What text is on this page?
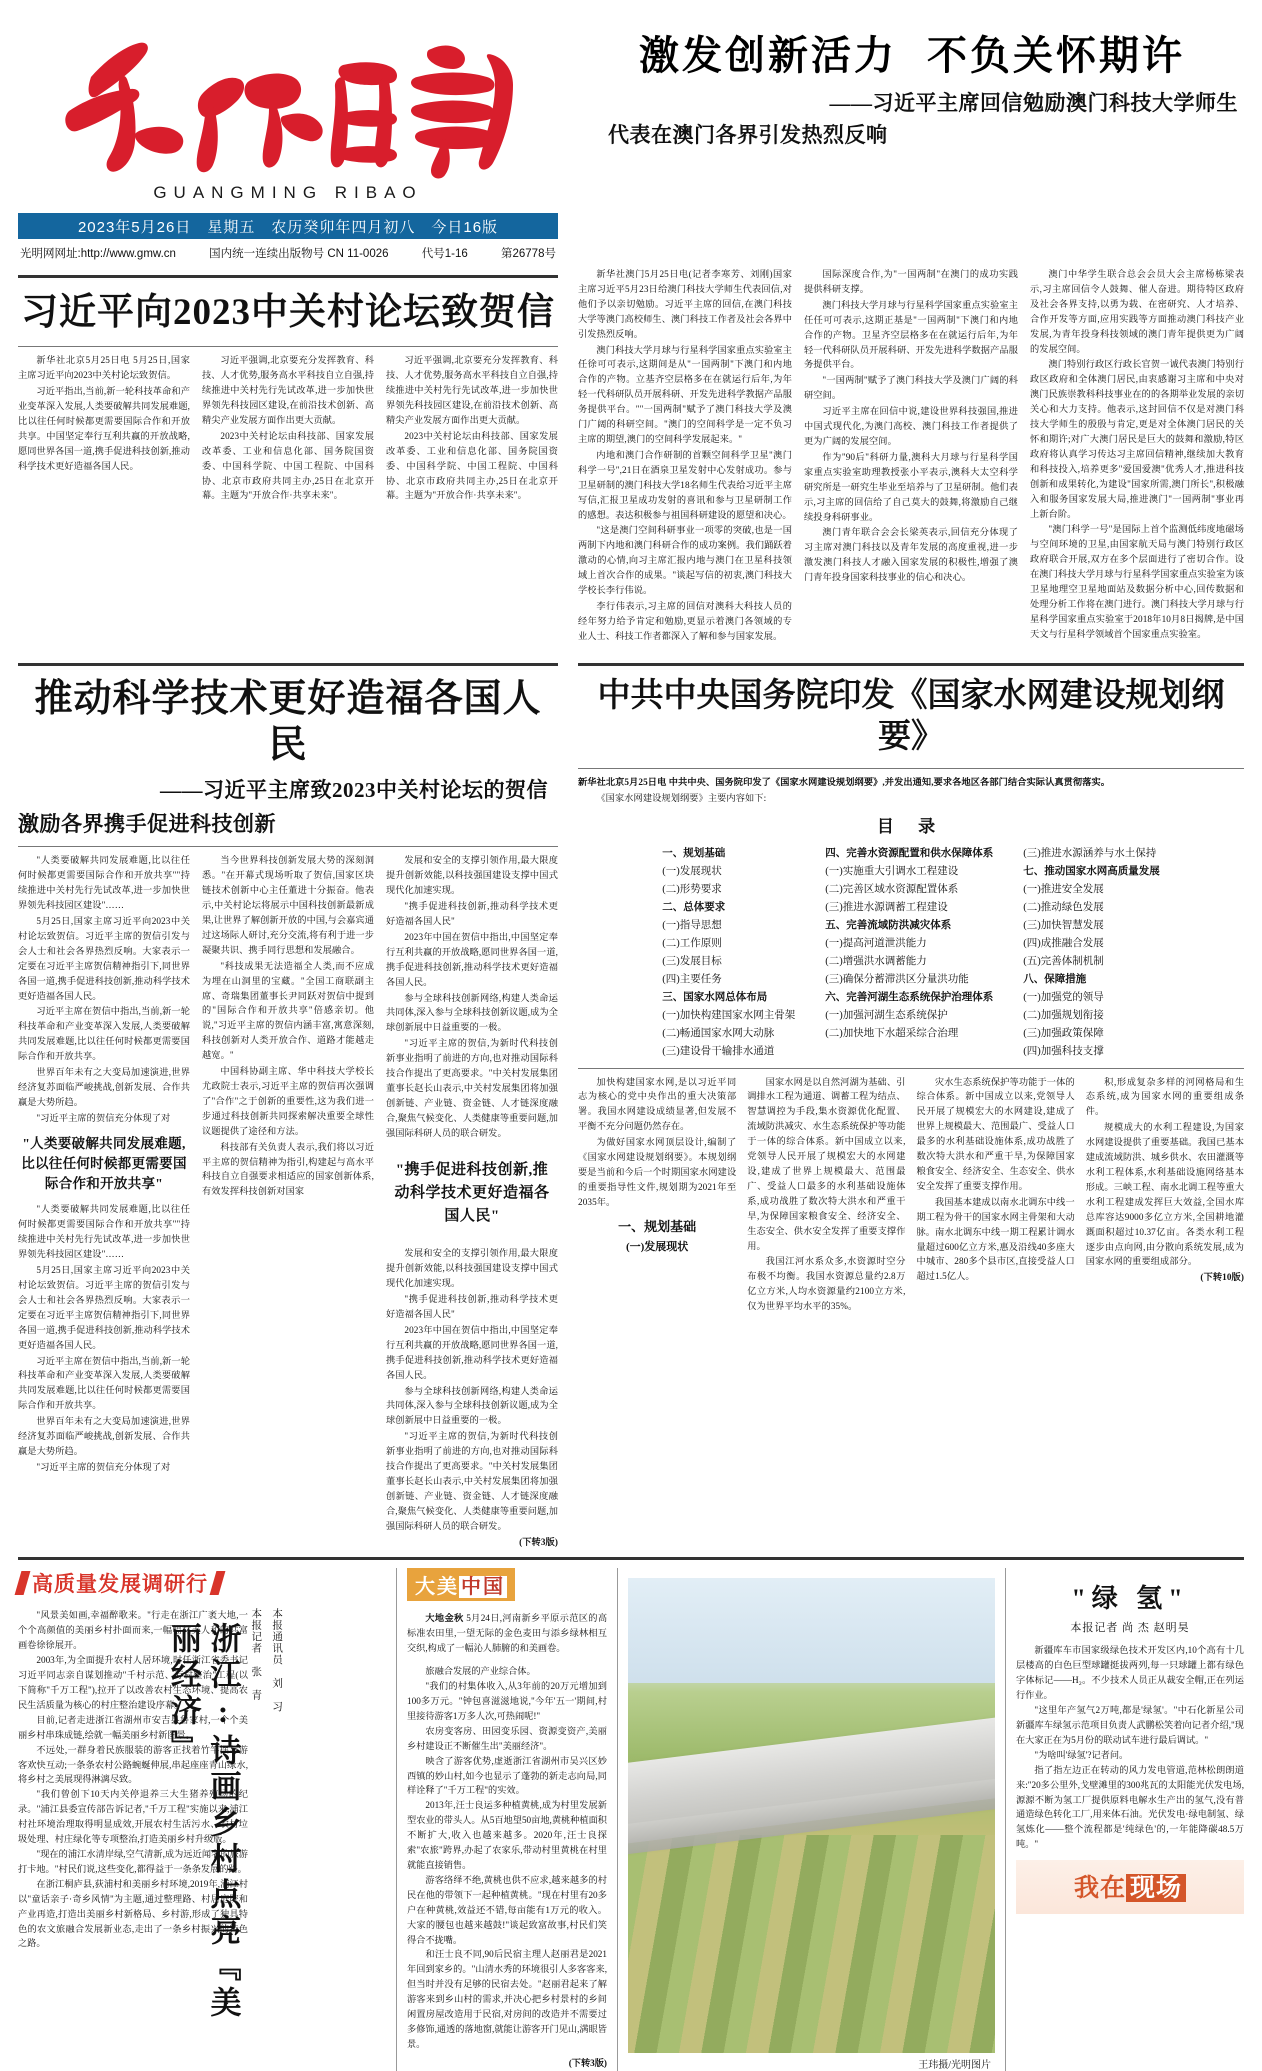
GUANGMING RIBAO
2023年5月26日 星期五 农历癸卯年四月初八 今日16版
光明网网址:http://www.gmw.cn	国内统一连续出版物号 CN 11-0026	代号1-16	第26778号
激发创新活力 不负关怀期许
——习近平主席回信勉励澳门科技大学师生
代表在澳门各界引发热烈反响
习近平向2023中关村论坛致贺信

新华社北京5月25日电 5月25日,国家主席习近平向2023中关村论坛致贺信。

习近平指出,当前,新一轮科技革命和产业变革深入发展,人类要破解共同发展难题,比以往任何时候都更需要国际合作和开放共享。中国坚定奉行互利共赢的开放战略,愿同世界各国一道,携手促进科技创新,推动科学技术更好造福各国人民。

习近平强调,北京要充分发挥教育、科技、人才优势,服务高水平科技自立自强,持续推进中关村先行先试改革,进一步加快世界领先科技园区建设,在前沿技术创新、高精尖产业发展方面作出更大贡献。

2023中关村论坛由科技部、国家发展改革委、工业和信息化部、国务院国资委、中国科学院、中国工程院、中国科协、北京市政府共同主办,25日在北京开幕。主题为"开放合作·共享未来"。

习近平强调,北京要充分发挥教育、科技、人才优势,服务高水平科技自立自强,持续推进中关村先行先试改革,进一步加快世界领先科技园区建设,在前沿技术创新、高精尖产业发展方面作出更大贡献。

2023中关村论坛由科技部、国家发展改革委、工业和信息化部、国务院国资委、中国科学院、中国工程院、中国科协、北京市政府共同主办,25日在北京开幕。主题为"开放合作·共享未来"。

新华社澳门5月25日电(记者李寒芳、刘刚)国家主席习近平5月23日给澳门科技大学师生代表回信,对他们予以亲切勉励。习近平主席的回信,在澳门科技大学等澳门高校师生、澳门科技工作者及社会各界中引发热烈反响。

澳门科技大学月球与行星科学国家重点实验室主任徐可可表示,这期间是从"一国两制"下澳门和内地合作的产物。立基齐空层格多在在就运行后年,为年轻一代科研队员开展科研、开发先进科学教据产品服务提供平台。""一国两制"赋予了澳门科技大学及澳门广阔的科研空间。"澳门的空间科学是一定不负习主席的期望,澳门的空间科学发展起来。"

内地和澳门合作研制的首颗空间科学卫星"澳门科学一号",21日在酒泉卫星发射中心发射成功。参与卫星研制的澳门科技大学18名师生代表给习近平主席写信,汇报卫星成功发射的喜讯和参与卫星研制工作的感想。表达积极参与祖国科研建设的愿望和决心。

"这是澳门空间科研事业一项零的突破,也是一国两制下内地和澳门科研合作的成功案例。我们踊跃着激动的心情,向习主席汇报内地与澳门在卫星科技领域上首次合作的成果。"谈起写信的初衷,澳门科技大学校长李行伟说。

李行伟表示,习主席的回信对澳科大科技人员的经年努力给予肯定和勉励,更显示着澳门各领域的专业人士、科技工作者都深入了解和参与国家发展。

国际深度合作,为"一国两制"在澳门的成功实践提供科研支撑。

澳门科技大学月球与行星科学国家重点实验室主任任可可表示,这期正基是"一国两制"下澳门和内地合作的产物。卫星齐空层格多在在就运行后年,为年轻一代科研队员开展科研、开发先进科学数据产品服务提供平台。

"一国两制"赋予了澳门科技大学及澳门广阔的科研空间。

习近平主席在回信中说,建设世界科技强国,推进中国式现代化,为澳门高校、澳门科技工作者提供了更为广阔的发展空间。

作为"90后"科研力量,澳科大月球与行星科学国家重点实验室助理教授张小平表示,澳科大太空科学研究所是一研究生毕业至培养与了卫星研制。他们表示,习主席的回信给了自己莫大的鼓舞,将激励自己继续投身科研事业。

澳门青年联合会会长梁英表示,回信充分体现了习主席对澳门科技以及青年发展的高度重视,进一步激发澳门科技人才融入国家发展的积极性,增强了澳门青年投身国家科技事业的信心和决心。

澳门中华学生联合总会会员大会主席杨栋梁表示,习主席回信令人鼓舞、催人奋进。期待特区政府及社会各界支持,以勇为载、在密研究、人才培养、合作开发等方面,应用实践等方面推动澳门科技产业发展,为青年投身科技领域的澳门青年提供更为广阔的发展空间。

澳门特别行政区行政长官贺一诚代表澳门特别行政区政府和全体澳门居民,由衷感谢习主席和中央对澳门民族崇教科科技事业在的的各期举业发展的亲切关心和大力支持。他表示,这封回信不仅是对澳门科技大学师生的殷殷与肯定,更是对全体澳门居民的关怀和期许;对广大澳门居民是巨大的鼓舞和激励,特区政府将认真学习传达习主席回信精神,继续加大教育和科技投入,培养更多"爱国爱澳"优秀人才,推进科技创新和成果转化,为建设"国家所需,澳门所长",积极融入和服务国家发展大局,推进澳门"一国两制"事业再上新台阶。

"澳门科学一号"是国际上首个监测低纬度地磁场与空间环境的卫星,由国家航天局与澳门特别行政区政府联合开展,双方在多个层面进行了密切合作。设在澳门科技大学月球与行星科学国家重点实验室为该卫星地理空卫星地面站及数据分析中心,回传数据和处理分析工作将在澳门进行。澳门科技大学月球与行星科学国家重点实验室于2018年10月8日揭牌,是中国天文与行星科学领域首个国家重点实验室。

推动科学技术更好造福各国人民
——习近平主席致2023中关村论坛的贺信
激励各界携手促进科技创新

"人类要破解共同发展难题,比以往任何时候都更需要国际合作和开放共享""持续推进中关村先行先试改革,进一步加快世界领先科技园区建设"……

5月25日,国家主席习近平向2023中关村论坛致贺信。习近平主席的贺信引发与会人士和社会各界热烈反响。大家表示一定要在习近平主席贺信精神指引下,同世界各国一道,携手促进科技创新,推动科学技术更好造福各国人民。

习近平主席在贺信中指出,当前,新一轮科技革命和产业变革深入发展,人类要破解共同发展难题,比以往任何时候都更需要国际合作和开放共享。

世界百年未有之大变局加速演进,世界经济复苏面临严峻挑战,创新发展、合作共赢是大势所趋。

"习近平主席的贺信充分体现了对

"人类要破解共同发展难题,比以往任何时候都更需要国际合作和开放共享"

"人类要破解共同发展难题,比以往任何时候都更需要国际合作和开放共享""持续推进中关村先行先试改革,进一步加快世界领先科技园区建设"……

5月25日,国家主席习近平向2023中关村论坛致贺信。习近平主席的贺信引发与会人士和社会各界热烈反响。大家表示一定要在习近平主席贺信精神指引下,同世界各国一道,携手促进科技创新,推动科学技术更好造福各国人民。

习近平主席在贺信中指出,当前,新一轮科技革命和产业变革深入发展,人类要破解共同发展难题,比以往任何时候都更需要国际合作和开放共享。

世界百年未有之大变局加速演进,世界经济复苏面临严峻挑战,创新发展、合作共赢是大势所趋。

"习近平主席的贺信充分体现了对

当今世界科技创新发展大势的深刻洞悉。"在开幕式现场听取了贺信,国家区块链技术创新中心主任董进十分振奋。他表示,中关村论坛将展示中国科技创新最新成果,让世界了解创新开放的中国,与会嘉宾通过这场际人研讨,充分交流,将有利于进一步凝聚共识、携手同行思想和发展融合。

"科技成果无法造福全人类,而不应成为埋在山洞里的宝藏。"全国工商联副主席、奇瑞集团董事长尹同跃对贺信中提到的"国际合作和开放共享"倍感亲切。他说,"习近平主席的贺信内涵丰富,寓意深刻,科技创新对人类开放合作、道路才能越走越宽。"

中国科协副主席、华中科技大学校长尤政院士表示,习近平主席的贺信再次强调了"合作"之于创新的重要性,这为我们进一步通过科技创新共同探索解决重要全球性议题提供了途径和方法。

科技部有关负责人表示,我们将以习近平主席的贺信精神为指引,构建起与高水平科技自立自强要求相适应的国家创新体系,有效发挥科技创新对国家

发展和安全的支撑引领作用,最大限度提升创新效能,以科技强国建设支撑中国式现代化加速实现。

"携手促进科技创新,推动科学技术更好造福各国人民"

2023年中国在贺信中指出,中国坚定奉行互利共赢的开放战略,愿同世界各国一道,携手促进科技创新,推动科学技术更好造福各国人民。

参与全球科技创新网络,构建人类命运共同体,深入参与全球科技创新议题,成为全球创新展中日益重要的一极。

"习近平主席的贺信,为新时代科技创新事业指明了前进的方向,也对推动国际科技合作提出了更高要求。"中关村发展集团董事长赵长山表示,中关村发展集团将加强创新链、产业链、资金链、人才链深度融合,聚焦气候变化、人类健康等重要问题,加强国际科研人员的联合研发。

"携手促进科技创新,推动科学技术更好造福各国人民"

发展和安全的支撑引领作用,最大限度提升创新效能,以科技强国建设支撑中国式现代化加速实现。

"携手促进科技创新,推动科学技术更好造福各国人民"

2023年中国在贺信中指出,中国坚定奉行互利共赢的开放战略,愿同世界各国一道,携手促进科技创新,推动科学技术更好造福各国人民。

参与全球科技创新网络,构建人类命运共同体,深入参与全球科技创新议题,成为全球创新展中日益重要的一极。

"习近平主席的贺信,为新时代科技创新事业指明了前进的方向,也对推动国际科技合作提出了更高要求。"中关村发展集团董事长赵长山表示,中关村发展集团将加强创新链、产业链、资金链、人才链深度融合,聚焦气候变化、人类健康等重要问题,加强国际科研人员的联合研发。

(下转3版)
中共中央国务院印发《国家水网建设规划纲要》

新华社北京5月25日电 中共中央、国务院印发了《国家水网建设规划纲要》,并发出通知,要求各地区各部门结合实际认真贯彻落实。

《国家水网建设规划纲要》主要内容如下:

目 录
一、规划基础
(一)发展现状
(二)形势要求
二、总体要求
(一)指导思想
(二)工作原则
(三)发展目标
(四)主要任务
三、国家水网总体布局
(一)加快构建国家水网主骨架
(二)畅通国家水网大动脉
(三)建设骨干输排水通道
四、完善水资源配置和供水保障体系
(一)实施重大引调水工程建设
(二)完善区域水资源配置体系
(三)推进水源调蓄工程建设
五、完善流域防洪减灾体系
(一)提高河道泄洪能力
(二)增强洪水调蓄能力
(三)确保分蓄滞洪区分量洪功能
六、完善河湖生态系统保护治理体系
(一)加强河湖生态系统保护
(二)加快地下水超采综合治理
(三)推进水源涵养与水土保持
七、推动国家水网高质量发展
(一)推进安全发展
(二)推动绿色发展
(三)加快智慧发展
(四)成推融合发展
(五)完善体制机制
八、保障措施
(一)加强党的领导
(二)加强规划衔接
(三)加强政策保障
(四)加强科技支撑

加快构建国家水网,是以习近平同志为核心的党中央作出的重大决策部署。我国水网建设成绩显著,但发展不平衡不充分问题仍然存在。

为做好国家水网顶层设计,编制了《国家水网建设规划纲要》。本规划纲要是当前和今后一个时期国家水网建设的重要指导性文件,规划期为2021年至2035年。

一、规划基础
(一)发展现状

国家水网是以自然河湖为基础、引调排水工程为通道、调蓄工程为结点、智慧调控为手段,集水资源优化配置、流域防洪减灾、水生态系统保护等功能于一体的综合体系。新中国成立以来,党领导人民开展了规模宏大的水网建设,建成了世界上规模最大、范围最广、受益人口最多的水利基础设施体系,成功战胜了数次特大洪水和严重干旱,为保障国家粮食安全、经济安全、生态安全、供水安全发挥了重要支撑作用。

我国江河水系众多,水资源时空分布极不均衡。我国水资源总量约2.8万亿立方米,人均水资源量约2100立方米,仅为世界平均水平的35%。

灾水生态系统保护等功能于一体的综合体系。新中国成立以来,党领导人民开展了规模宏大的水网建设,建成了世界上规模最大、范围最广、受益人口最多的水利基础设施体系,成功战胜了数次特大洪水和严重干旱,为保障国家粮食安全、经济安全、生态安全、供水安全发挥了重要支撑作用。

我国基本建成以南水北调东中线一期工程为骨干的国家水网主骨架和大动脉。南水北调东中线一期工程累计调水量超过600亿立方米,惠及沿线40多座大中城市、280多个县市区,直接受益人口超过1.5亿人。

积,形成复杂多样的河网格局和生态系统,成为国家水网的重要组成条件。

规模成大的水利工程建设,为国家水网建设提供了重要基础。我国已基本建成流域防洪、城乡供水、农田灌溉等水利工程体系,水利基础设施网络基本形成。三峡工程、南水北调工程等重大水利工程建成发挥巨大效益,全国水库总库容达9000多亿立方米,全国耕地灌溉面积超过10.37亿亩。各类水利工程逐步由点向网,由分散向系统发展,成为国家水网的重要组成部分。

(下转10版)
高质量发展调研行

"风景美如画,幸福醉歌来。"行走在浙江广袤大地,一个个高颜值的美丽乡村扑面而来,一幅幅材美人和的共富画卷徐徐展开。

2003年,为全面提升农村人居环境,时任浙江省委书记习近平同志亲自谋划推动"千村示范、万村整治"工程(以下简称"千万工程"),拉开了以改善农村生态环境、提高农民生活质量为核心的村庄整治建设序幕。

目前,记者走进浙江省湖州市安吉县鲁家村,一个个美丽乡村串珠成链,绘就一幅美丽乡村新图景。

不远处,一群身着民族服装的游客正找着竹竿摆与游客欢快互动;一条条农村公路蜿蜒伸展,串起座座青山绿水,将乡村之美展现得淋漓尽致。

"我们曾创下10天内关停退养三大生猪养殖场的纪录。"浦江县委宣传部告诉记者,"千万工程"实施以来,浦江村社环境治理取得明显成效,开展农村生活污水、农村垃圾处理、村庄绿化等专项整治,打造美丽乡村升级版。

"现在的浦江水清岸绿,空气清新,成为远近闻名的旅游打卡地。"村民们说,这些变化,都得益于一条条发展的路。

在浙江桐庐县,荻浦村和美丽乡村环境,2019年,浦江村以"童话亲子·奇乡风情"为主题,通过整理路、村居庭院和产业再造,打造出美丽乡村新格局、乡村游,形成了独具特色的农文旅融合发展新业态,走出了一条乡村振兴的特色之路。	浙江:诗画乡村点亮『美丽经济』	本报记者 张 青 本报通讯员 刘 习
大美 中国

大地金秋 5月24日,河南新乡平原示范区的高标准农田里,一望无际的金色麦田与添乡绿林相互交织,构成了一幅沁人肺腑的和美画卷。

旅融合发展的产业综合体。

"我们的村集体收入,从3年前的20万元增加到100多万元。"钟包喜滋滋地说,"今年'五一'期间,村里接待游客1万多人次,可热闹呢!"

农房变客房、田园变乐园、资源变资产,美丽乡村建设正不断催生出"美丽经济"。

映含了游客优势,虚逝浙江省湖州市吴兴区妙西镇的妙山村,如今也显示了蓬勃的新走志向局,同样诠释了"千万工程"的实效。

2013年,汪士良运多种植黄桃,成为村里发展新型农业的带头人。从5百地望50亩地,黄桃种植面积不断扩大,收入也越来越多。2020年,汪士良探索"农旅"跨界,办起了农家乐,带动村里黄桃在村里就能直接销售。

游客络绎不绝,黄桃也供不应求,越来越多的村民在他的带领下一起种植黄桃。"现在村里有20多户在种黄桃,效益还不错,每亩能有1万元的收入。大家的腰包也越来越鼓!"谈起致富故事,村民们笑得合不拢嘴。

和汪士良不同,90后民宿主理人赵丽君是2021年回到家乡的。"山清水秀的环境很引人多客客来,但当时并没有足够的民宿去处。"赵丽君起来了解游客来到乡山村的需求,并决心把乡村景村的乡间闲置房屋改造用于民宿,对房间的改造并不需要过多修饰,通透的落地窗,就能让游客开门见山,满眼皆景。

(下转3版)	王玮摄/光明图片
"绿 氢"
本报记者 尚 杰 赵明昊

新疆库车市国家级绿色技术开发区内,10个高有十几层楼高的白色巨型球罐挺拔两列,每一只球罐上都有绿色字体标记——H₂。不少技术人员正从裁安全帽,正在列运行作业。

"这里年产氢气2万吨,都是'绿氢'。"中石化新星公司新疆库车绿氢示范项目负责人武鹏松笑着向记者介绍,"现在大家正在为5月份的联动试车进行最后调试。"

"为啥叫'绿氢'?记者问。

指了指左边正在转动的风力发电管道,范林松朗朗道来:"20多公里外,戈壁滩里的300兆瓦的太阳能光伏发电场,源源不断为氢工厂提供原料电解水生产出的氢气,没有普通造绿色转化工厂,用来体石油。光伏发电·绿电制氢、绿氢炼化——整个流程都是'纯绿色'的,一年能降碳48.5万吨。"

我在 现场
